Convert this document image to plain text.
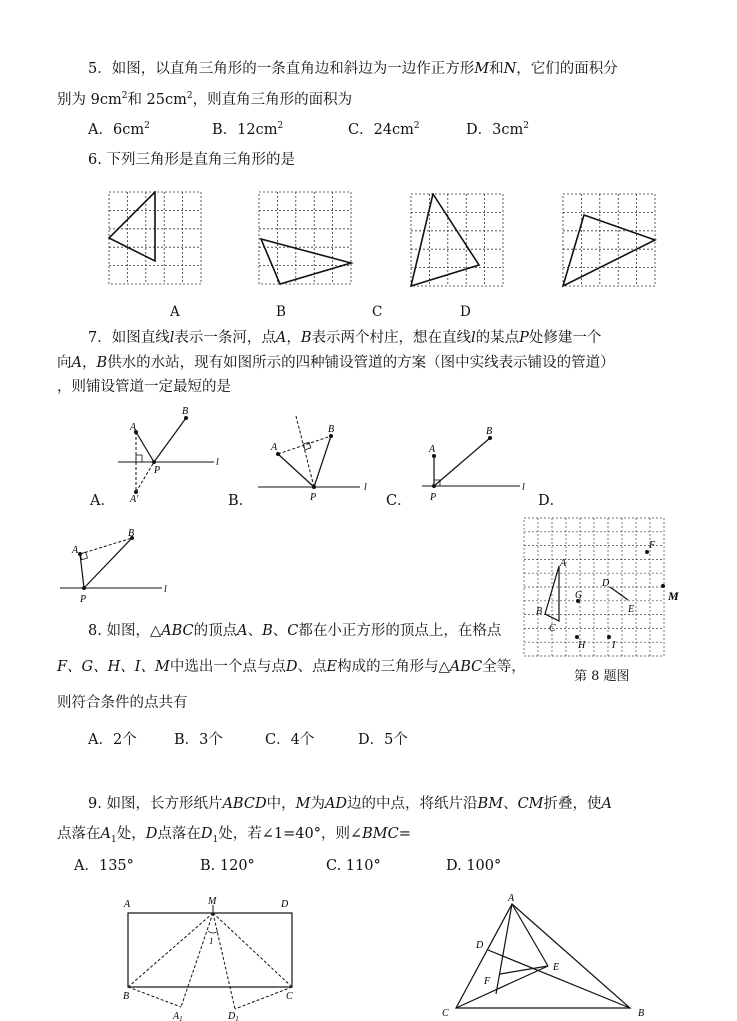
5．如图，以直角三角形的一条直角边和斜边为一边作正方形M和N，它们的面积分
别为 $9cm^2$和 $25cm^2$，则直角三角形的面积为
A．$6cm^2$	B．$12cm^2$	C．$24cm^2$	D．$3cm^2$
6. 下列三角形是直角三角形的是
A	B	C	D
7．如图直线l表示一条河，点A，B表示两个村庄，想在直线l的某点P处修建一个
向A，B供水的水站，现有如图所示的四种铺设管道的方案（图中实线表示铺设的管道）
，则铺设管道一定最短的是
A
B
P
A′
l
A．
A
B
P
l
B．
A
B
P
l
C．	D．
A
B
P
l
A
B
C
D
E
F
G
H	I
M
第 8 题图
8. 如图，△ABC的顶点A、B、C都在小正方形的顶点上，在格点
F、G、H、I、M中选出一个点与点D、点E构成的三角形与△ABC全等，
则符合条件的点共有
A．2个	B．3个	C．4个	D．5个
9. 如图，长方形纸片ABCD中，M为AD边的中点，将纸片沿BM、CM折叠，使A
点落在$A_1$处，D点落在$D_1$处，若∠1=40°，则∠BMC=
A．135°	B. 120°	C. 110°	D. 100°
A	M	D
B	C
1
$A_1$	$D_1$
A
D
E
F
C	B
